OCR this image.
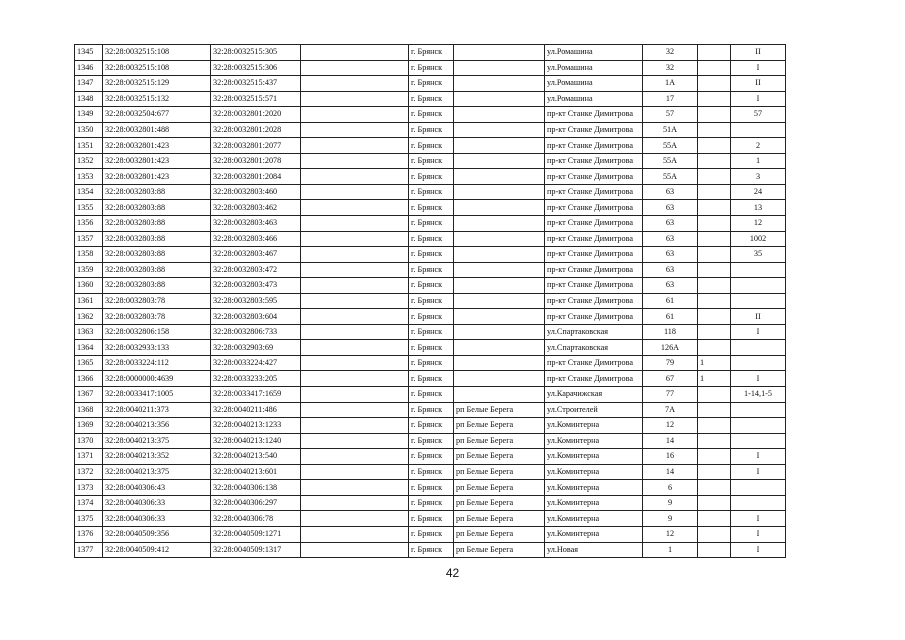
1345	32:28:0032515:108	32:28:0032515:305		г. Брянск		ул.Ромашина	32		II
1346	32:28:0032515:108	32:28:0032515:306		г. Брянск		ул.Ромашина	32		I
1347	32:28:0032515:129	32:28:0032515:437		г. Брянск		ул.Ромашина	1А		II
1348	32:28:0032515:132	32:28:0032515:571		г. Брянск		ул.Ромашина	17		I
1349	32:28:0032504:677	32:28:0032801:2020		г. Брянск		пр-кт Станке Димитрова	57		57
1350	32:28:0032801:488	32:28:0032801:2028		г. Брянск		пр-кт Станке Димитрова	51А		
1351	32:28:0032801:423	32:28:0032801:2077		г. Брянск		пр-кт Станке Димитрова	55А		2
1352	32:28:0032801:423	32:28:0032801:2078		г. Брянск		пр-кт Станке Димитрова	55А		1
1353	32:28:0032801:423	32:28:0032801:2084		г. Брянск		пр-кт Станке Димитрова	55А		3
1354	32:28:0032803:88	32:28:0032803:460		г. Брянск		пр-кт Станке Димитрова	63		24
1355	32:28:0032803:88	32:28:0032803:462		г. Брянск		пр-кт Станке Димитрова	63		13
1356	32:28:0032803:88	32:28:0032803:463		г. Брянск		пр-кт Станке Димитрова	63		12
1357	32:28:0032803:88	32:28:0032803:466		г. Брянск		пр-кт Станке Димитрова	63		1002
1358	32:28:0032803:88	32:28:0032803:467		г. Брянск		пр-кт Станке Димитрова	63		35
1359	32:28:0032803:88	32:28:0032803:472		г. Брянск		пр-кт Станке Димитрова	63		
1360	32:28:0032803:88	32:28:0032803:473		г. Брянск		пр-кт Станке Димитрова	63		
1361	32:28:0032803:78	32:28:0032803:595		г. Брянск		пр-кт Станке Димитрова	61		
1362	32:28:0032803:78	32:28:0032803:604		г. Брянск		пр-кт Станке Димитрова	61		II
1363	32:28:0032806:158	32:28:0032806:733		г. Брянск		ул.Спартаковская	118		I
1364	32:28:0032933:133	32:28:0032903:69		г. Брянск		ул.Спартаковская	126А		
1365	32:28:0033224:112	32:28:0033224:427		г. Брянск		пр-кт Станке Димитрова	79	1	
1366	32:28:0000000:4639	32:28:0033233:205		г. Брянск		пр-кт Станке Димитрова	67	1	I
1367	32:28:0033417:1005	32:28:0033417:1659		г. Брянск		ул.Карачижская	77		1-14,1-5
1368	32:28:0040211:373	32:28:0040211:486		г. Брянск	рп Белые Берега	ул.Строителей	7А		
1369	32:28:0040213:356	32:28:0040213:1233		г. Брянск	рп Белые Берега	ул.Коминтерна	12		
1370	32:28:0040213:375	32:28:0040213:1240		г. Брянск	рп Белые Берега	ул.Коминтерна	14		
1371	32:28:0040213:352	32:28:0040213:540		г. Брянск	рп Белые Берега	ул.Коминтерна	16		I
1372	32:28:0040213:375	32:28:0040213:601		г. Брянск	рп Белые Берега	ул.Коминтерна	14		I
1373	32:28:0040306:43	32:28:0040306:138		г. Брянск	рп Белые Берега	ул.Коминтерна	6		
1374	32:28:0040306:33	32:28:0040306:297		г. Брянск	рп Белые Берега	ул.Коминтерна	9		
1375	32:28:0040306:33	32:28:0040306:78		г. Брянск	рп Белые Берега	ул.Коминтерна	9		I
1376	32:28:0040509:356	32:28:0040509:1271		г. Брянск	рп Белые Берега	ул.Коминтерна	12		I
1377	32:28:0040509:412	32:28:0040509:1317		г. Брянск	рп Белые Берега	ул.Новая	1		I
42
